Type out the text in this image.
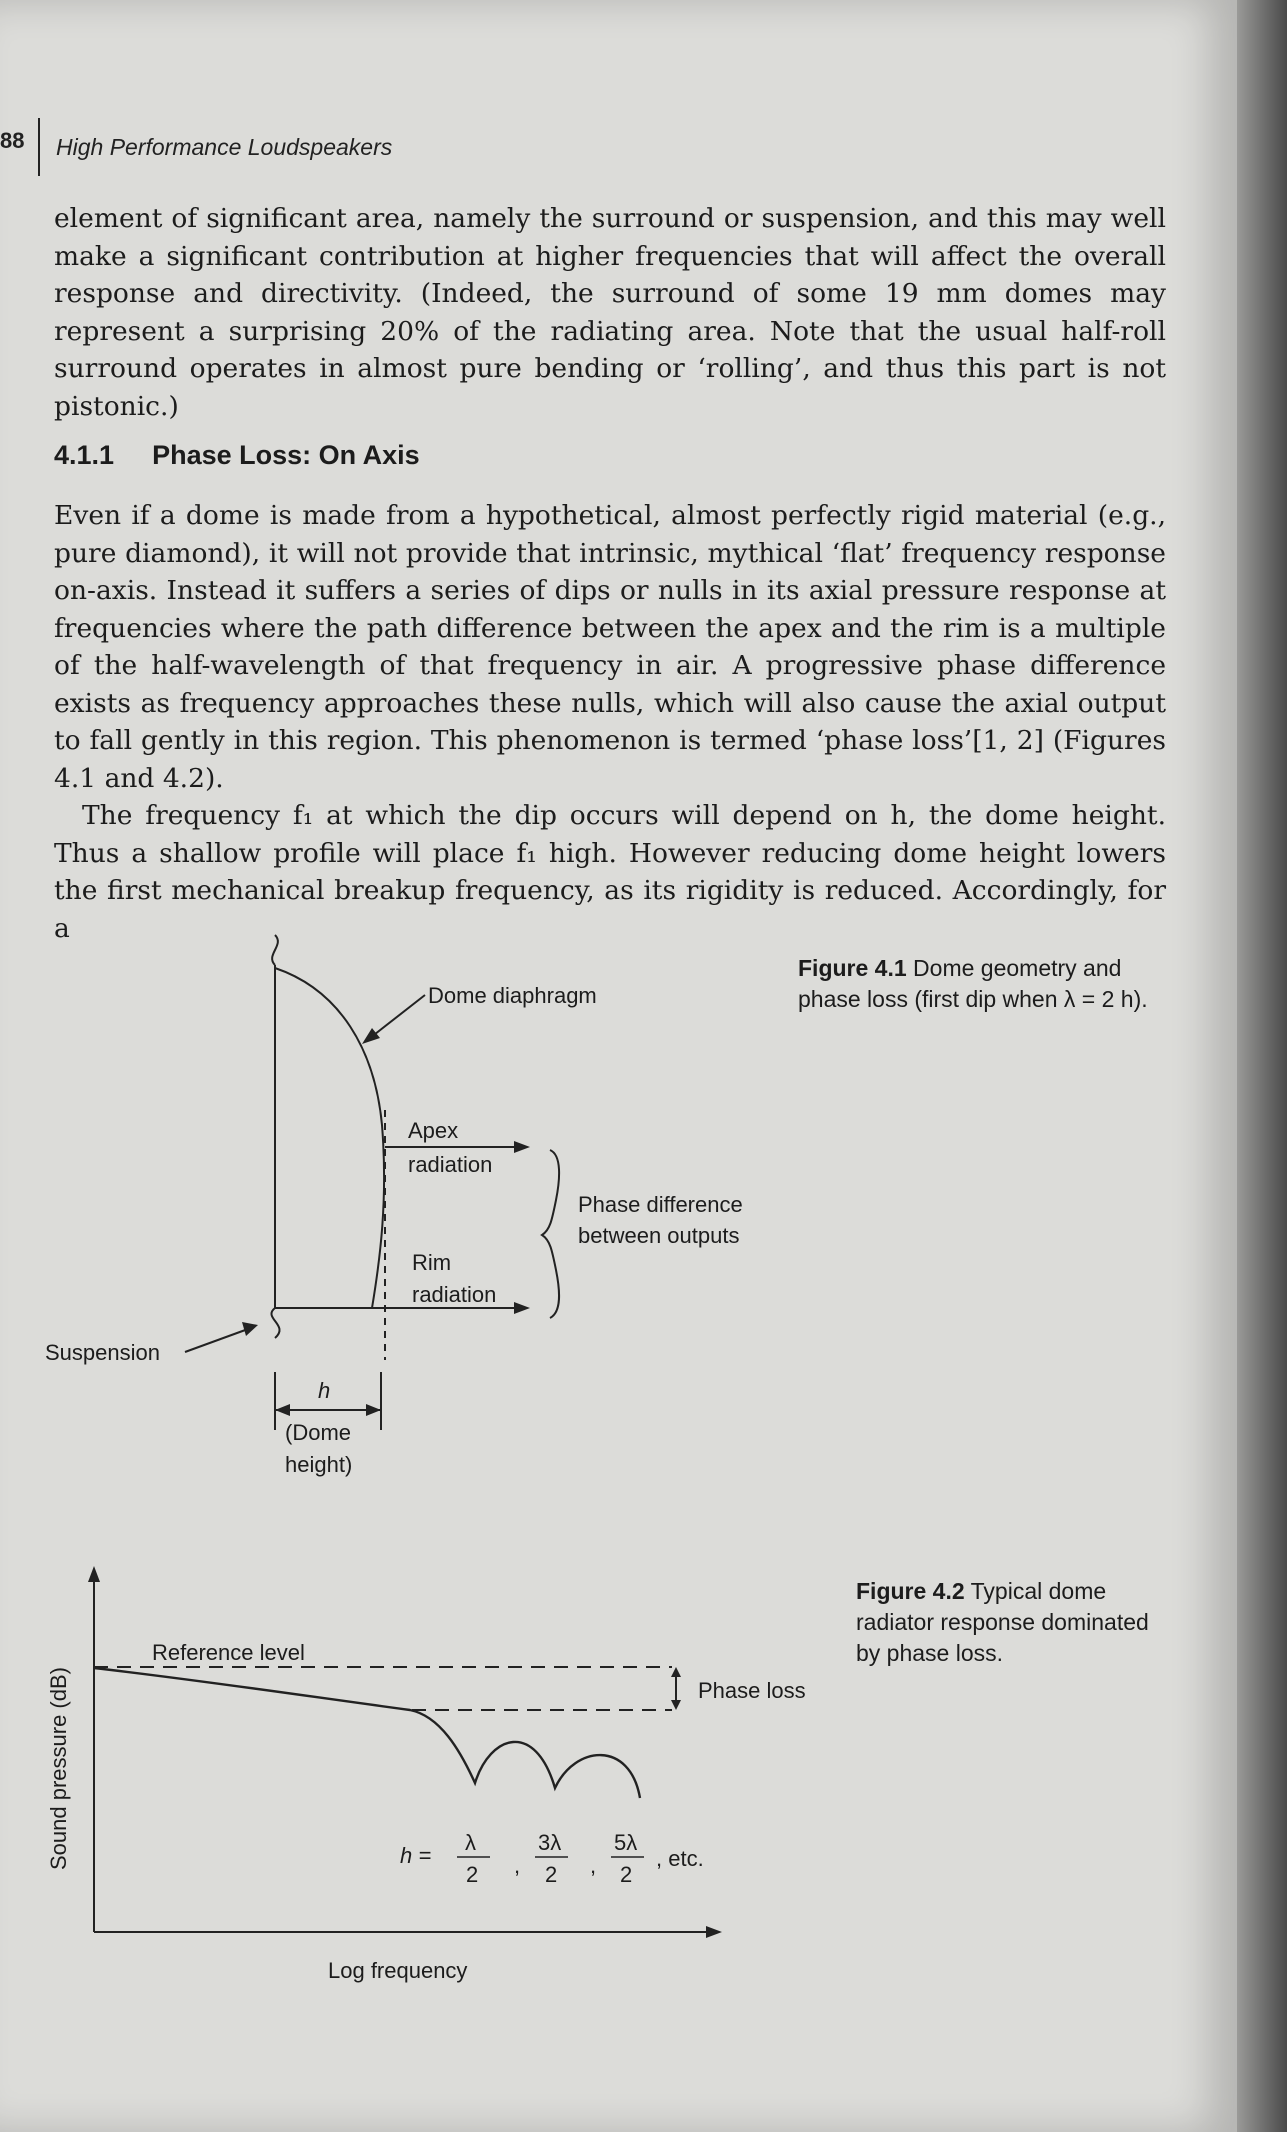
88 High Performance Loudspeakers

element of significant area, namely the surround or suspension, and this may well make a significant contribution at higher frequencies that will affect the overall response and directivity. (Indeed, the surround of some 19 mm domes may represent a surprising 20% of the radiating area. Note that the usual half-roll surround operates in almost pure bending or ‘rolling’, and thus this part is not pistonic.)

4.1.1 Phase Loss: On Axis

Even if a dome is made from a hypothetical, almost perfectly rigid material (e.g., pure diamond), it will not provide that intrinsic, mythical ‘flat’ frequency response on-axis. Instead it suffers a series of dips or nulls in its axial pressure response at frequencies where the path difference between the apex and the rim is a multiple of the half-wavelength of that frequency in air. A progressive phase difference exists as frequency approaches these nulls, which will also cause the axial output to fall gently in this region. This phenomenon is termed ‘phase loss’[1, 2] (Figures 4.1 and 4.2).

The frequency f₁ at which the dip occurs will depend on h, the dome height. Thus a shallow profile will place f₁ high. However reducing dome height lowers the first mechanical breakup frequency, as its rigidity is reduced. Accordingly, for a

Figure 4.1 Dome geometry and phase loss (first dip when λ = 2 h).
Dome diaphragm
Apex
radiation
Phase difference
between outputs
Rim
radiation
Suspension
h
(Dome
height)
Figure 4.2 Typical dome radiator response dominated by phase loss.
Sound pressure (dB)
Log frequency
Reference level
Phase loss
h =
λ
2 ,
3λ
2 ,
5λ
2
, etc.
